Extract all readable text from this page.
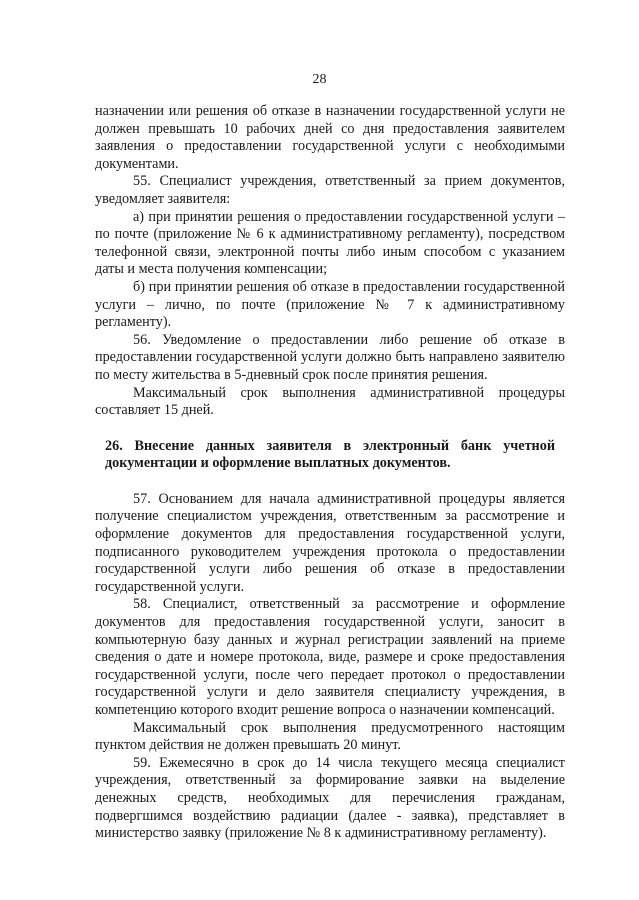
28

назначении или решения об отказе в назначении государственной услуги не должен превышать 10 рабочих дней со дня предоставления заявителем заявления о предоставлении государственной услуги с необходимыми документами.

55. Специалист учреждения, ответственный за прием документов, уведомляет заявителя:

а) при принятии решения о предоставлении государственной услуги – по почте (приложение № 6 к административному регламенту), посредством телефонной связи, электронной почты либо иным способом с указанием даты и места получения компенсации;

б) при принятии решения об отказе в предоставлении государственной услуги – лично, по почте (приложение № 7 к административному регламенту).

56. Уведомление о предоставлении либо решение об отказе в предоставлении государственной услуги должно быть направлено заявителю по месту жительства в 5-дневный срок после принятия решения.

Максимальный срок выполнения административной процедуры составляет 15 дней.

26. Внесение данных заявителя в электронный банк учетной документации и оформление выплатных документов.

57. Основанием для начала административной процедуры является получение специалистом учреждения, ответственным за рассмотрение и оформление документов для предоставления государственной услуги, подписанного руководителем учреждения протокола о предоставлении государственной услуги либо решения об отказе в предоставлении государственной услуги.

58. Специалист, ответственный за рассмотрение и оформление документов для предоставления государственной услуги, заносит в компьютерную базу данных и журнал регистрации заявлений на приеме сведения о дате и номере протокола, виде, размере и сроке предоставления государственной услуги, после чего передает протокол о предоставлении государственной услуги и дело заявителя специалисту учреждения, в компетенцию которого входит решение вопроса о назначении компенсаций.

Максимальный срок выполнения предусмотренного настоящим пунктом действия не должен превышать 20 минут.

59. Ежемесячно в срок до 14 числа текущего месяца специалист учреждения, ответственный за формирование заявки на выделение денежных средств, необходимых для перечисления гражданам, подвергшимся воздействию радиации (далее - заявка), представляет в министерство заявку (приложение № 8 к административному регламенту).
